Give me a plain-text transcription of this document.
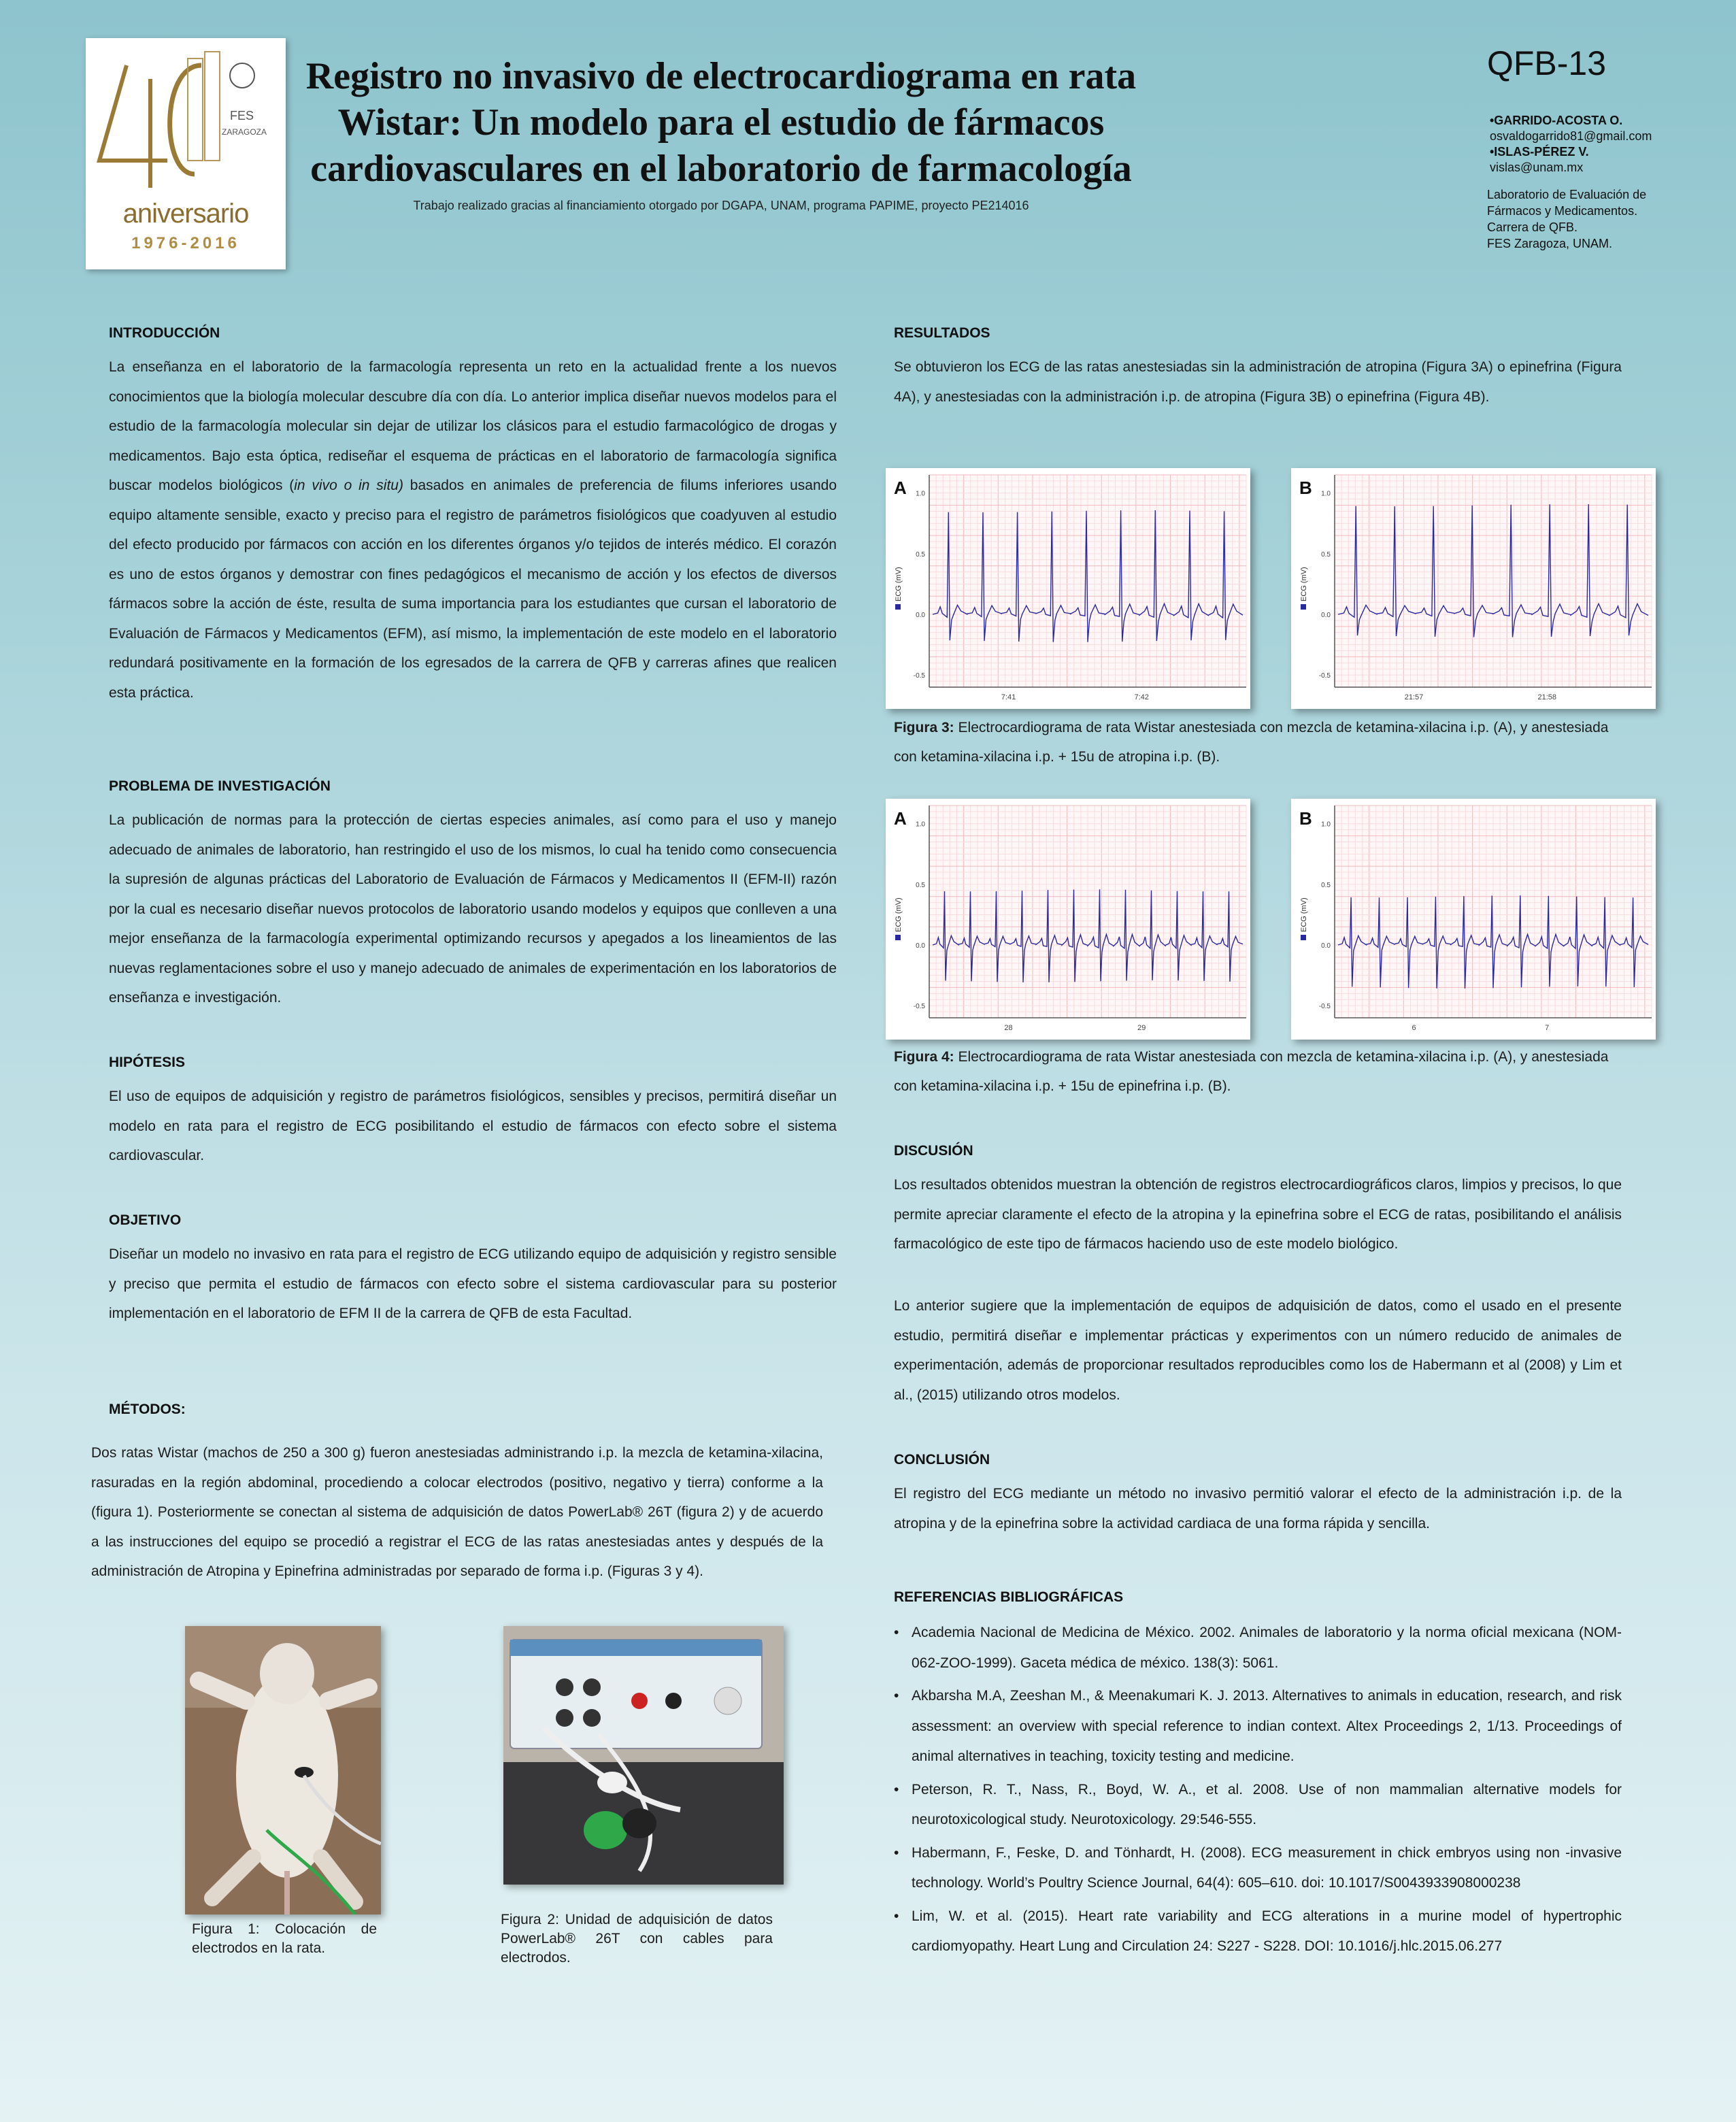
FES
ZARAGOZA
aniversario
1976-2016
Registro no invasivo de electrocardiograma en rata Wistar: Un modelo para el estudio de fármacos cardiovasculares en el laboratorio de farmacología
Trabajo realizado gracias al financiamiento otorgado por DGAPA, UNAM, programa PAPIME, proyecto PE214016
QFB-13
•GARRIDO-ACOSTA O.
osvaldogarrido81@gmail.com
•ISLAS-PÉREZ V.
vislas@unam.mx
Laboratorio de Evaluación de
Fármacos y Medicamentos.
Carrera de QFB.
FES Zaragoza, UNAM.
INTRODUCCIÓN
La enseñanza en el laboratorio de la farmacología representa un reto en la actualidad frente a los nuevos conocimientos que la biología molecular descubre día con día. Lo anterior implica diseñar nuevos modelos para el estudio de la farmacología molecular sin dejar de utilizar los clásicos para el estudio farmacológico de drogas y medicamentos. Bajo esta óptica, rediseñar el esquema de prácticas en el laboratorio de farmacología significa buscar modelos biológicos (in vivo o in situ) basados en animales de preferencia de filums inferiores usando equipo altamente sensible, exacto y preciso para el registro de parámetros fisiológicos que coadyuven al estudio del efecto producido por fármacos con acción en los diferentes órganos y/o tejidos de interés médico. El corazón es uno de estos órganos y demostrar con fines pedagógicos el mecanismo de acción y los efectos de diversos fármacos sobre la acción de éste, resulta de suma importancia para los estudiantes que cursan el laboratorio de Evaluación de Fármacos y Medicamentos (EFM), así mismo, la implementación de este modelo en el laboratorio redundará positivamente en la formación de los egresados de la carrera de QFB y carreras afines que realicen esta práctica.
PROBLEMA DE INVESTIGACIÓN
La publicación de normas para la protección de ciertas especies animales, así como para el uso y manejo adecuado de animales de laboratorio, han restringido el uso de los mismos, lo cual ha tenido como consecuencia la supresión de algunas prácticas del Laboratorio de Evaluación de Fármacos y Medicamentos II (EFM-II) razón por la cual es necesario diseñar nuevos protocolos de laboratorio usando modelos y equipos que conlleven a una mejor enseñanza de la farmacología experimental optimizando recursos y apegados a los lineamientos de las nuevas reglamentaciones sobre el uso y manejo adecuado de animales de experimentación en los laboratorios de enseñanza e investigación.
HIPÓTESIS
El uso de equipos de adquisición y registro de parámetros fisiológicos, sensibles y precisos, permitirá diseñar un modelo en rata para el registro de ECG posibilitando el estudio de fármacos con efecto sobre el sistema cardiovascular.
OBJETIVO
Diseñar un modelo no invasivo en rata para el registro de ECG utilizando equipo de adquisición y registro sensible y preciso que permita el estudio de fármacos con efecto sobre el sistema cardiovascular para su posterior implementación en el laboratorio de EFM II de la carrera de QFB de esta Facultad.
MÉTODOS:
Dos ratas Wistar (machos de 250 a 300 g) fueron anestesiadas administrando i.p. la mezcla de ketamina-xilacina, rasuradas en la región abdominal, procediendo a colocar electrodos (positivo, negativo y tierra) conforme a la (figura 1). Posteriormente se conectan al sistema de adquisición de datos PowerLab® 26T (figura 2) y de acuerdo a las instrucciones del equipo se procedió a registrar el ECG de las ratas anestesiadas antes y después de la administración de Atropina y Epinefrina administradas por separado de forma i.p. (Figuras 3 y 4).
Figura 1: Colocación de electrodos en la rata.
Figura 2: Unidad de adquisición de datos PowerLab® 26T con cables para electrodos.
RESULTADOS
Se obtuvieron los ECG de las ratas anestesiadas sin la administración de atropina (Figura 3A) o epinefrina (Figura 4A), y anestesiadas con la administración i.p. de atropina (Figura 3B) o epinefrina (Figura 4B).
1.0
0.5
0.0
-0.5
7:41	7:42
ECG (mV)
A	1.0
0.5
0.0
-0.5
21:57	21:58
ECG (mV)
B
Figura 3: Electrocardiograma de rata Wistar anestesiada con mezcla de ketamina-xilacina i.p. (A), y anestesiada con ketamina-xilacina i.p. + 15u de atropina i.p. (B).
1.0
0.5
0.0
-0.5
28	29
ECG (mV)
A	1.0
0.5
0.0
-0.5
6	7
ECG (mV)
B
Figura 4: Electrocardiograma de rata Wistar anestesiada con mezcla de ketamina-xilacina i.p. (A), y anestesiada con ketamina-xilacina i.p. + 15u de epinefrina i.p. (B).
DISCUSIÓN
Los resultados obtenidos muestran la obtención de registros electrocardiográficos claros, limpios y precisos, lo que permite apreciar claramente el efecto de la atropina y la epinefrina sobre el ECG de ratas, posibilitando el análisis farmacológico de este tipo de fármacos haciendo uso de este modelo biológico.
Lo anterior sugiere que la implementación de equipos de adquisición de datos, como el usado en el presente estudio, permitirá diseñar e implementar prácticas y experimentos con un número reducido de animales de experimentación, además de proporcionar resultados reproducibles como los de Habermann et al (2008) y Lim et al., (2015) utilizando otros modelos.
CONCLUSIÓN
El registro del ECG mediante un método no invasivo permitió valorar el efecto de la administración i.p. de la atropina y de la epinefrina sobre la actividad cardiaca de una forma rápida y sencilla.
REFERENCIAS BIBLIOGRÁFICAS
• Academia Nacional de Medicina de México. 2002. Animales de laboratorio y la norma oficial mexicana (NOM-062-ZOO-1999). Gaceta médica de méxico. 138(3): 5061.
• Akbarsha M.A, Zeeshan M., & Meenakumari K. J. 2013. Alternatives to animals in education, research, and risk assessment: an overview with special reference to indian context. Altex Proceedings 2, 1/13. Proceedings of animal alternatives in teaching, toxicity testing and medicine.
• Peterson, R. T., Nass, R., Boyd, W. A., et al. 2008. Use of non mammalian alternative models for neurotoxicological study. Neurotoxicology. 29:546-555.
• Habermann, F., Feske, D. and Tönhardt, H. (2008). ECG measurement in chick embryos using non -invasive technology. World’s Poultry Science Journal, 64(4): 605–610. doi: 10.1017/S0043933908000238
• Lim, W. et al. (2015). Heart rate variability and ECG alterations in a murine model of hypertrophic cardiomyopathy. Heart Lung and Circulation 24: S227 - S228. DOI: 10.1016/j.hlc.2015.06.277
